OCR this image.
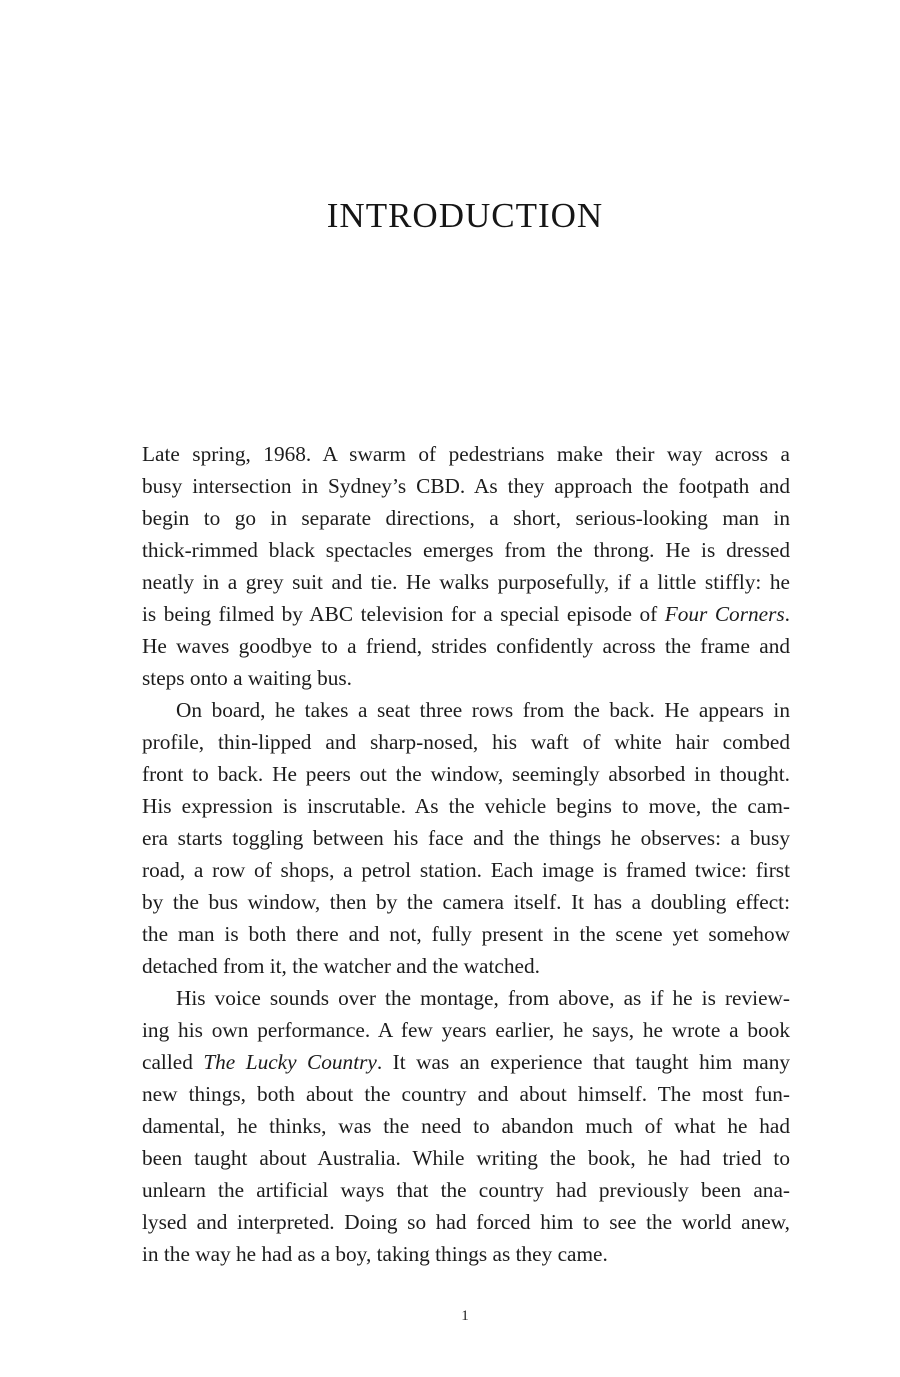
INTRODUCTION
Late spring, 1968. A swarm of pedestrians make their way across a
busy intersection in Sydney’s CBD. As they approach the footpath and
begin to go in separate directions, a short, serious-looking man in
thick-rimmed black spectacles emerges from the throng. He is dressed
neatly in a grey suit and tie. He walks purposefully, if a little stiffly: he
is being filmed by ABC television for a special episode of Four Corners.
He waves goodbye to a friend, strides confidently across the frame and
steps onto a waiting bus.
On board, he takes a seat three rows from the back. He appears in
profile, thin-lipped and sharp-nosed, his waft of white hair combed
front to back. He peers out the window, seemingly absorbed in thought.
His expression is inscrutable. As the vehicle begins to move, the cam-
era starts toggling between his face and the things he observes: a busy
road, a row of shops, a petrol station. Each image is framed twice: first
by the bus window, then by the camera itself. It has a doubling effect:
the man is both there and not, fully present in the scene yet somehow
detached from it, the watcher and the watched.
His voice sounds over the montage, from above, as if he is review-
ing his own performance. A few years earlier, he says, he wrote a book
called The Lucky Country. It was an experience that taught him many
new things, both about the country and about himself. The most fun-
damental, he thinks, was the need to abandon much of what he had
been taught about Australia. While writing the book, he had tried to
unlearn the artificial ways that the country had previously been ana-
lysed and interpreted. Doing so had forced him to see the world anew,
in the way he had as a boy, taking things as they came.
1
